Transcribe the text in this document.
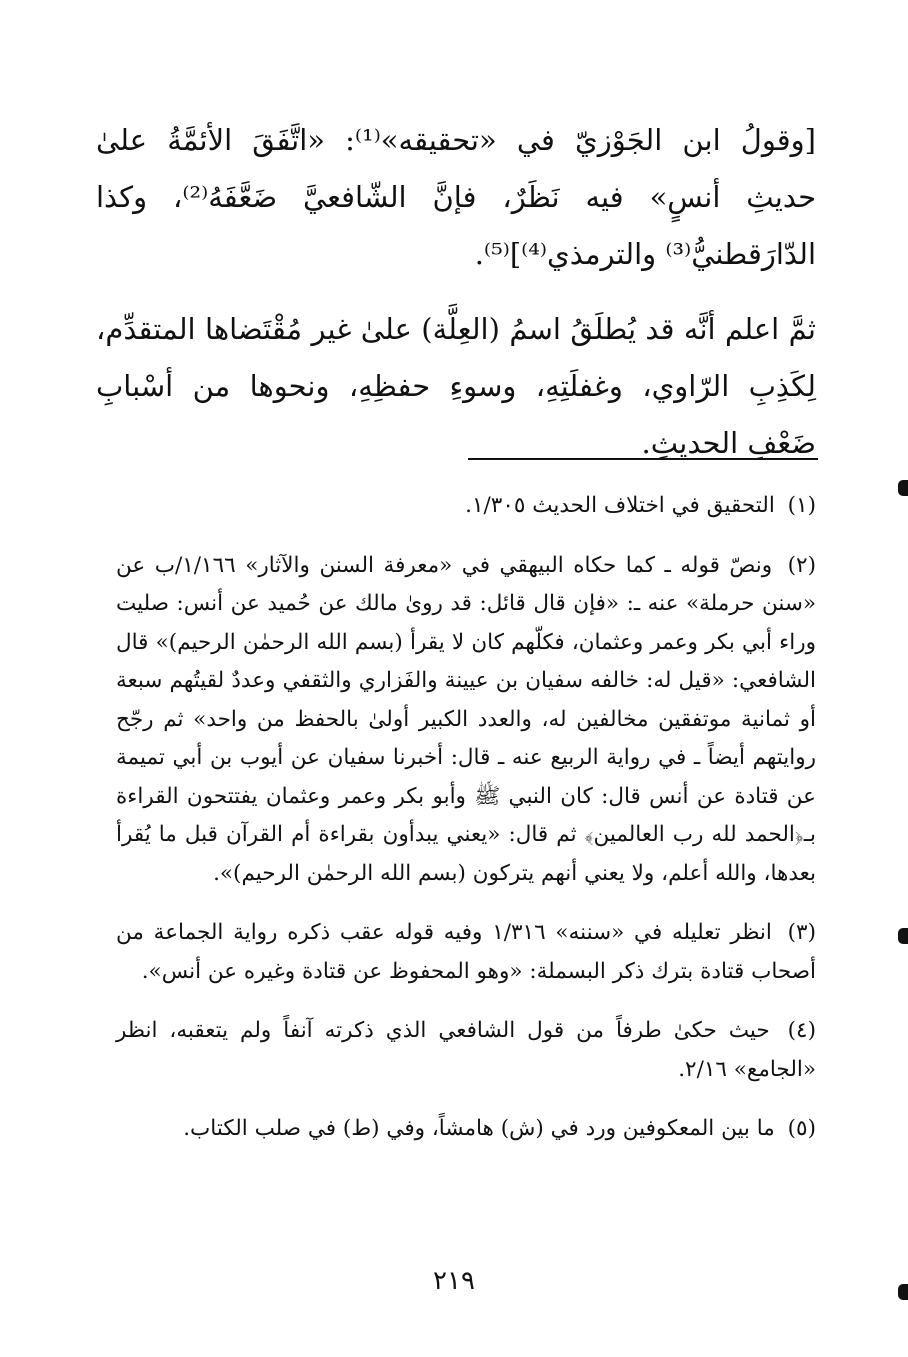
[وقولُ ابن الجَوْزيّ في «تحقيقه»⁽¹⁾: «اتَّفَقَ الأئمَّةُ علىٰ حديثِ أنسٍ» فيه نَظَرٌ، فإنَّ الشّافعيَّ ضَعَّفَهُ⁽²⁾، وكذا الدّارَقطنيُّ⁽³⁾ والترمذي⁽⁴⁾]⁽⁵⁾.

ثمَّ اعلم أنَّه قد يُطلَقُ اسمُ (العِلَّة) علىٰ غير مُقْتَضاها المتقدِّم، لِكَذِبِ الرّاوي، وغفلَتِهِ، وسوءِ حفظِهِ، ونحوها من أسْبابِ ضَعْفِ الحديثِ.

(١) التحقيق في اختلاف الحديث ١/٣٠٥.
(٢) ونصّ قوله ـ كما حكاه البيهقي في «معرفة السنن والآثار» ١/١٦٦/ب عن «سنن حرملة» عنه ـ: «فإن قال قائل: قد روىٰ مالك عن حُميد عن أنس: صليت وراء أبي بكر وعمر وعثمان، فكلّهم كان لا يقرأ (بسم الله الرحمٰن الرحيم)» قال الشافعي: «قيل له: خالفه سفيان بن عيينة والفَزاري والثقفي وعددٌ لقيتُهم سبعة أو ثمانية موتفقين مخالفين له، والعدد الكبير أولىٰ بالحفظ من واحد» ثم رجّح روايتهم أيضاً ـ في رواية الربيع عنه ـ قال: أخبرنا سفيان عن أيوب بن أبي تميمة عن قتادة عن أنس قال: كان النبي ﷺ وأبو بكر وعمر وعثمان يفتتحون القراءة بـ﴿الحمد لله رب العالمين﴾ ثم قال: «يعني يبدأون بقراءة أم القرآن قبل ما يُقرأ بعدها، والله أعلم، ولا يعني أنهم يتركون (بسم الله الرحمٰن الرحيم)».
(٣) انظر تعليله في «سننه» ١/٣١٦ وفيه قوله عقب ذكره رواية الجماعة من أصحاب قتادة بترك ذكر البسملة: «وهو المحفوظ عن قتادة وغيره عن أنس».
(٤) حيث حكىٰ طرفاً من قول الشافعي الذي ذكرته آنفاً ولم يتعقبه، انظر «الجامع» ٢/١٦.
(٥) ما بين المعكوفين ورد في (ش) هامشاً، وفي (ط) في صلب الكتاب.
٢١٩
